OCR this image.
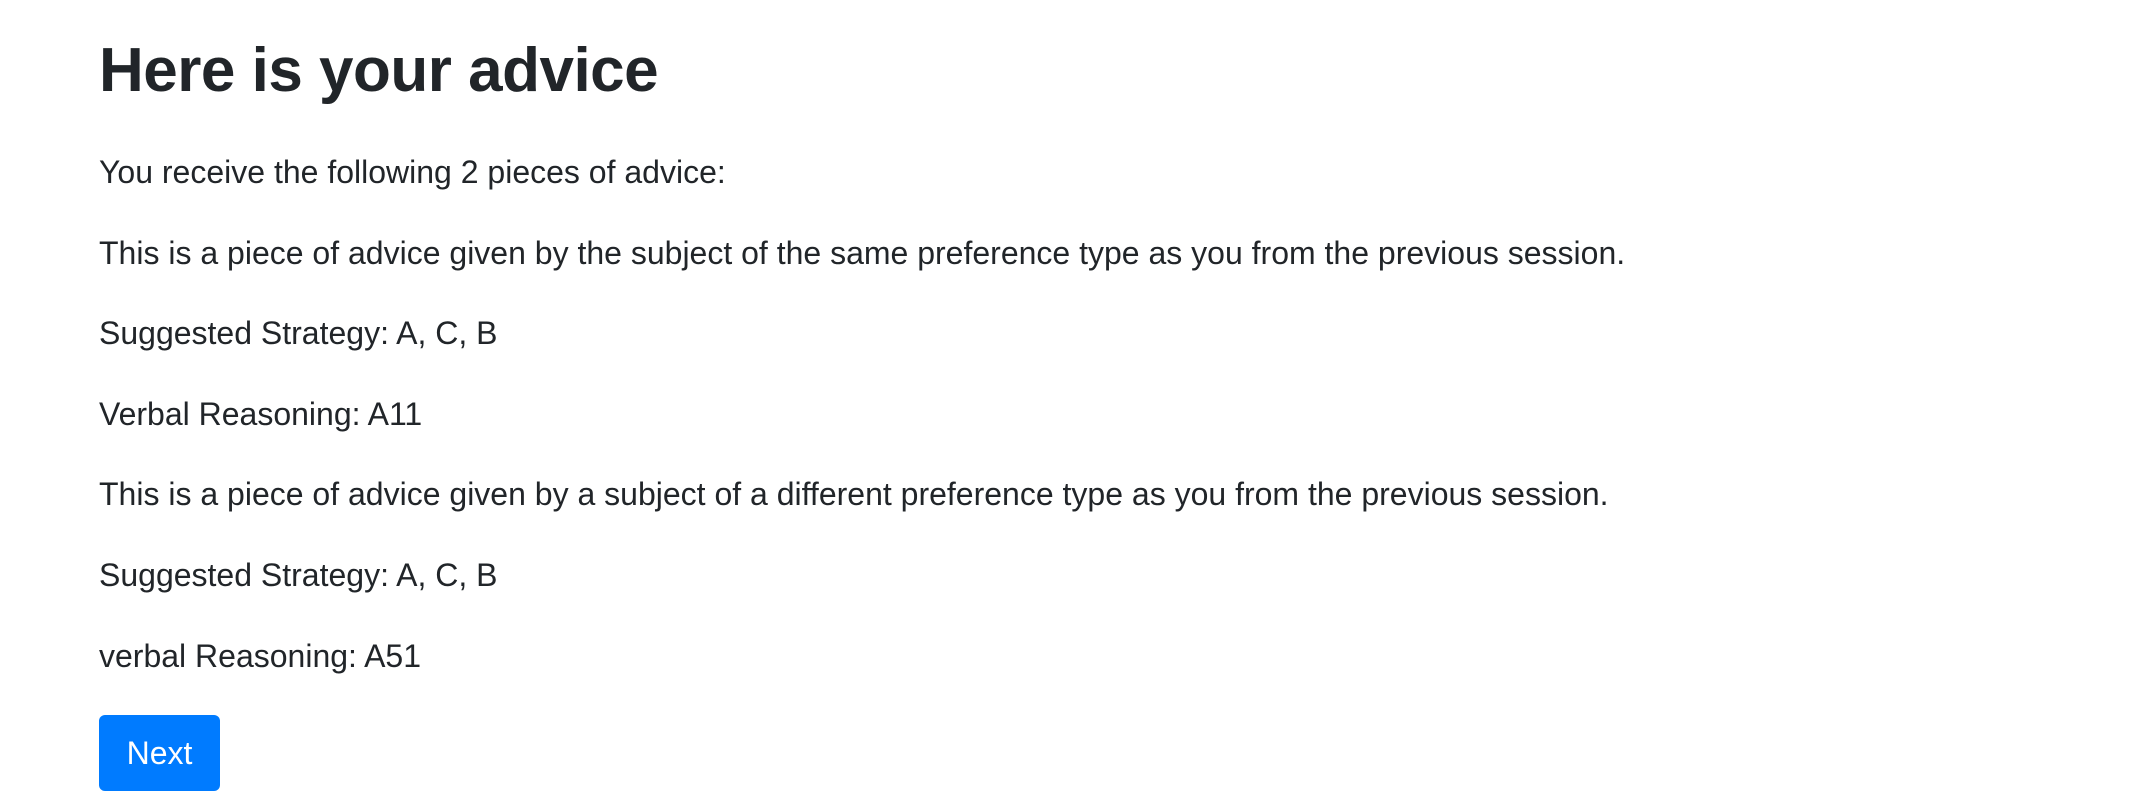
Here is your advice

You receive the following 2 pieces of advice:

This is a piece of advice given by the subject of the same preference type as you from the previous session.

Suggested Strategy: A, C, B

Verbal Reasoning: A11

This is a piece of advice given by a subject of a different preference type as you from the previous session.

Suggested Strategy: A, C, B

verbal Reasoning: A51

Next
